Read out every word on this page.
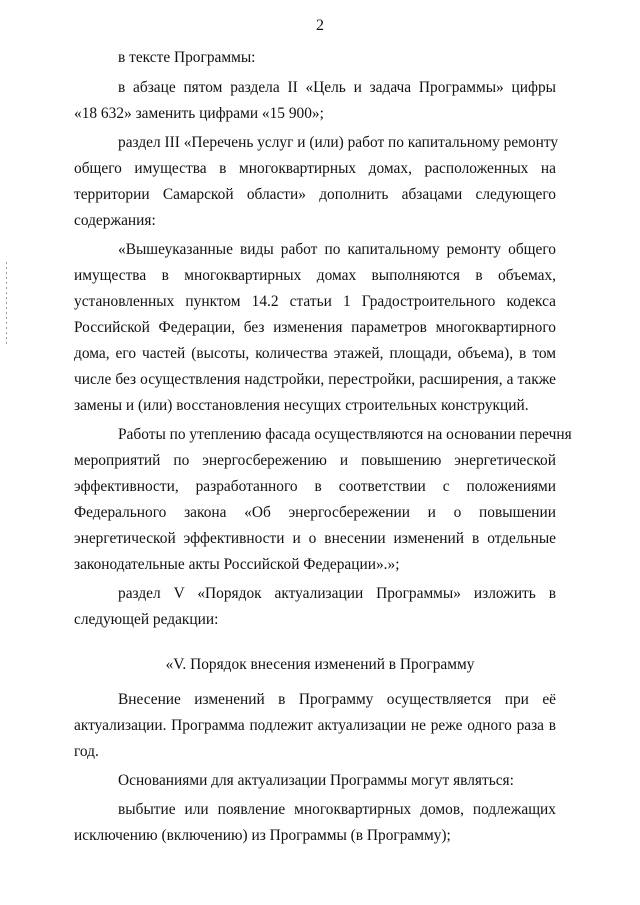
2
в тексте Программы:
в абзаце пятом раздела II «Цель и задача Программы» цифры
«18 632» заменить цифрами «15 900»;
раздел III «Перечень услуг и (или) работ по капитальному ремонту
общего имущества в многоквартирных домах, расположенных на
территории Самарской области» дополнить абзацами следующего
содержания:
«Вышеуказанные виды работ по капитальному ремонту общего
имущества в многоквартирных домах выполняются в объемах,
установленных пунктом 14.2 статьи 1 Градостроительного кодекса
Российской Федерации, без изменения параметров многоквартирного
дома, его частей (высоты, количества этажей, площади, объема), в том
числе без осуществления надстройки, перестройки, расширения, а также
замены и (или) восстановления несущих строительных конструкций.
Работы по утеплению фасада осуществляются на основании перечня
мероприятий по энергосбережению и повышению энергетической
эффективности, разработанного в соответствии с положениями
Федерального закона «Об энергосбережении и о повышении
энергетической эффективности и о внесении изменений в отдельные
законодательные акты Российской Федерации».»;
раздел V «Порядок актуализации Программы» изложить в
следующей редакции:
«V. Порядок внесения изменений в Программу
Внесение изменений в Программу осуществляется при её
актуализации. Программа подлежит актуализации не реже одного раза в
год.
Основаниями для актуализации Программы могут являться:
выбытие или появление многоквартирных домов, подлежащих
исключению (включению) из Программы (в Программу);
